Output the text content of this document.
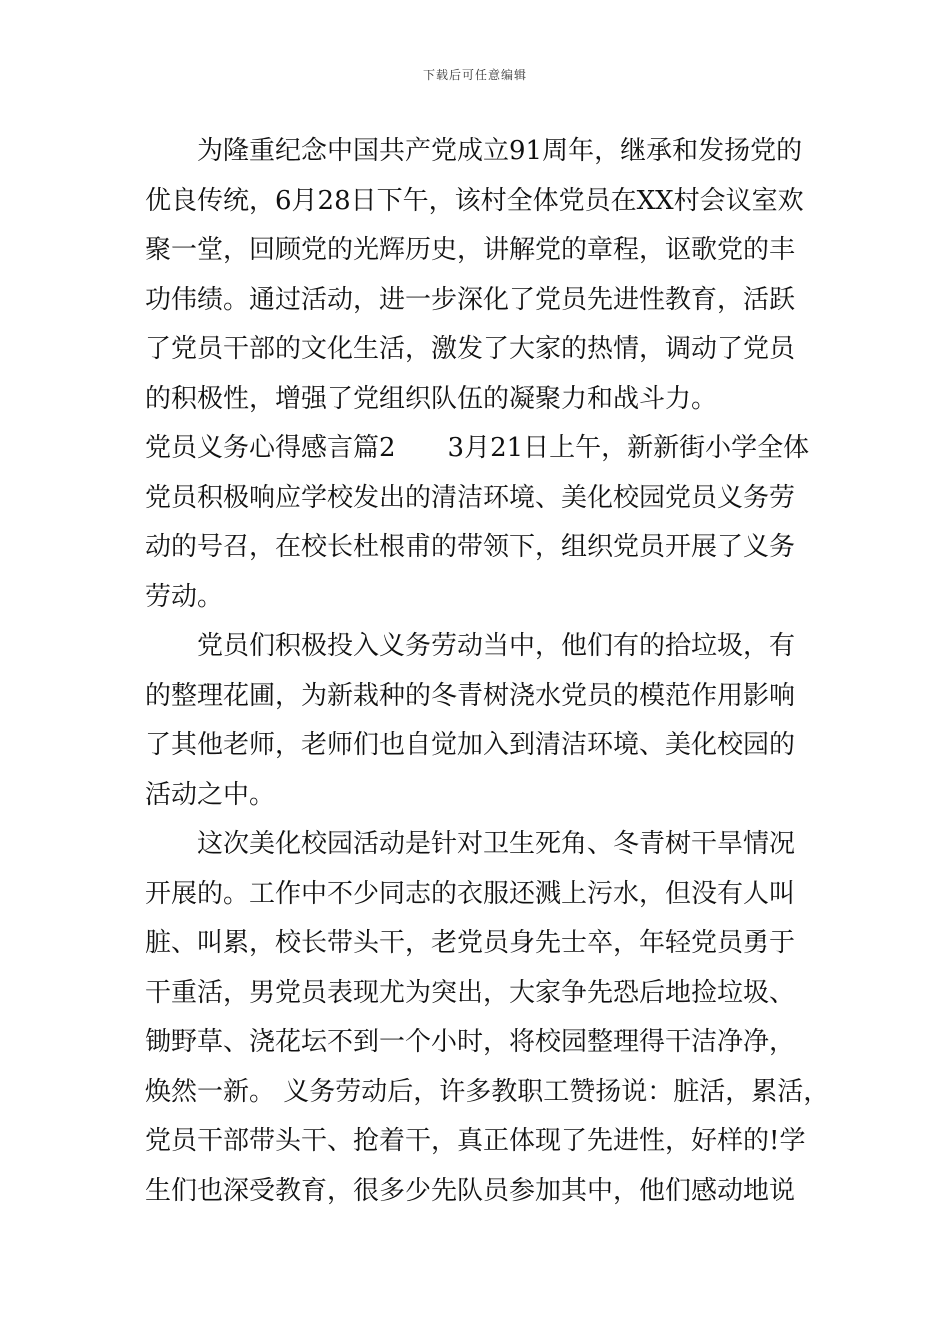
下载后可任意编辑
为隆重纪念中国共产党成立91周年，继承和发扬党的
优良传统，6月28日下午，该村全体党员在XX村会议室欢
聚一堂，回顾党的光辉历史，讲解党的章程，讴歌党的丰
功伟绩。通过活动，进一步深化了党员先进性教育，活跃
了党员干部的文化生活，激发了大家的热情，调动了党员
的积极性，增强了党组织队伍的凝聚力和战斗力。
党员义务心得感言篇2　　3月21日上午，新新街小学全体
党员积极响应学校发出的清洁环境、美化校园党员义务劳
动的号召，在校长杜根甫的带领下，组织党员开展了义务
劳动。
党员们积极投入义务劳动当中，他们有的拾垃圾，有
的整理花圃，为新栽种的冬青树浇水党员的模范作用影响
了其他老师，老师们也自觉加入到清洁环境、美化校园的
活动之中。
这次美化校园活动是针对卫生死角、冬青树干旱情况
开展的。工作中不少同志的衣服还溅上污水，但没有人叫
脏、叫累，校长带头干，老党员身先士卒，年轻党员勇于
干重活，男党员表现尤为突出，大家争先恐后地捡垃圾、
锄野草、浇花坛不到一个小时，将校园整理得干洁净净，
焕然一新。 义务劳动后，许多教职工赞扬说：脏活，累活，
党员干部带头干、抢着干，真正体现了先进性，好样的!学
生们也深受教育，很多少先队员参加其中，他们感动地说
